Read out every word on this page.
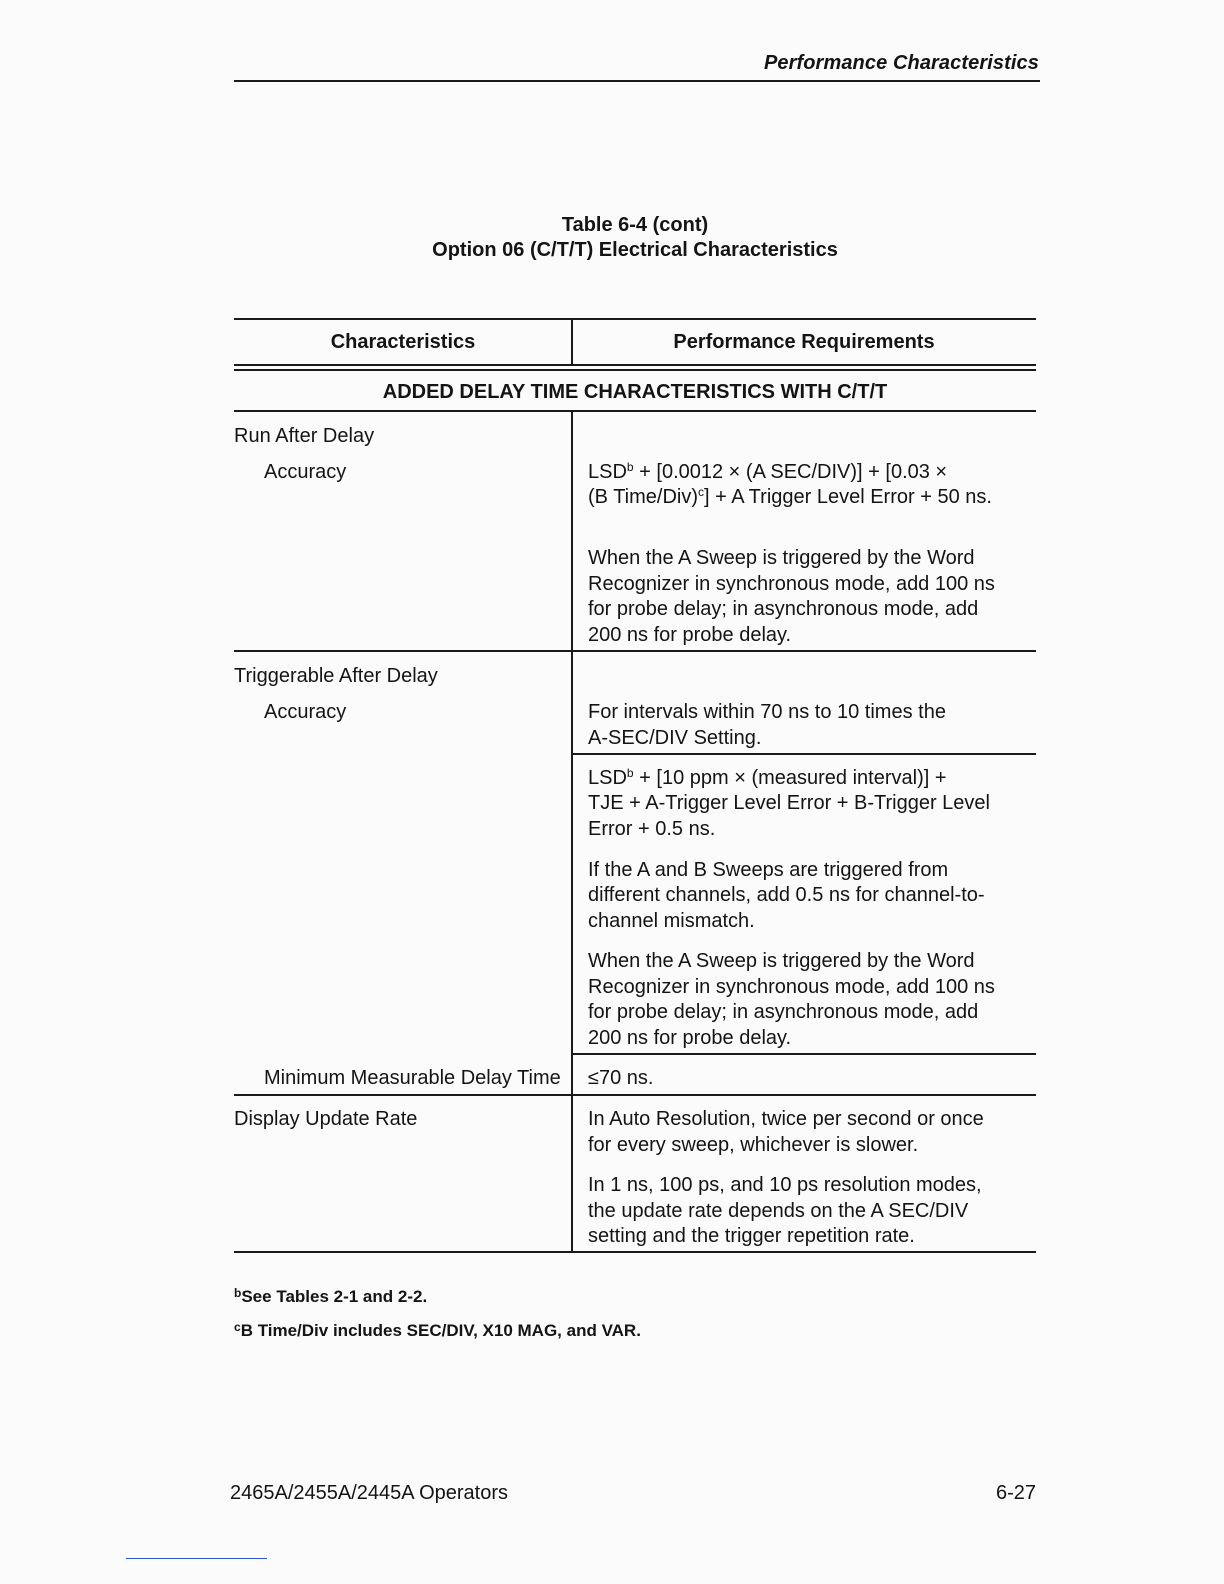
Performance Characteristics
Table 6-4 (cont)
Option 06 (C/T/T) Electrical Characteristics
Characteristics	Performance Requirements
ADDED DELAY TIME CHARACTERISTICS WITH C/T/T
Run After Delay
Accuracy	$LSD^b + [0.0012 \times (A$ SEC/DIV)] + [0.03 ×
(B Time/Div)$^c$] + A Trigger Level Error + 50 ns.
When the A Sweep is triggered by the Word
Recognizer in synchronous mode, add 100 ns
for probe delay; in asynchronous mode, add
200 ns for probe delay.
Triggerable After Delay
Accuracy	For intervals within 70 ns to 10 times the
A-SEC/DIV Setting.
$LSD^b + [10$ ppm × (measured interval)] +
TJE + A-Trigger Level Error + B-Trigger Level
Error + 0.5 ns.
If the A and B Sweeps are triggered from
different channels, add 0.5 ns for channel-to-
channel mismatch.
When the A Sweep is triggered by the Word
Recognizer in synchronous mode, add 100 ns
for probe delay; in asynchronous mode, add
200 ns for probe delay.
Minimum Measurable Delay Time ≤70 ns.
Display Update Rate	In Auto Resolution, twice per second or once
for every sweep, whichever is slower.
In 1 ns, 100 ps, and 10 ps resolution modes,
the update rate depends on the A SEC/DIV
setting and the trigger repetition rate.
$^b$See Tables 2-1 and 2-2.
$^c$B Time/Div includes SEC/DIV, X10 MAG, and VAR.
2465A/2455A/2445A Operators	6-27
